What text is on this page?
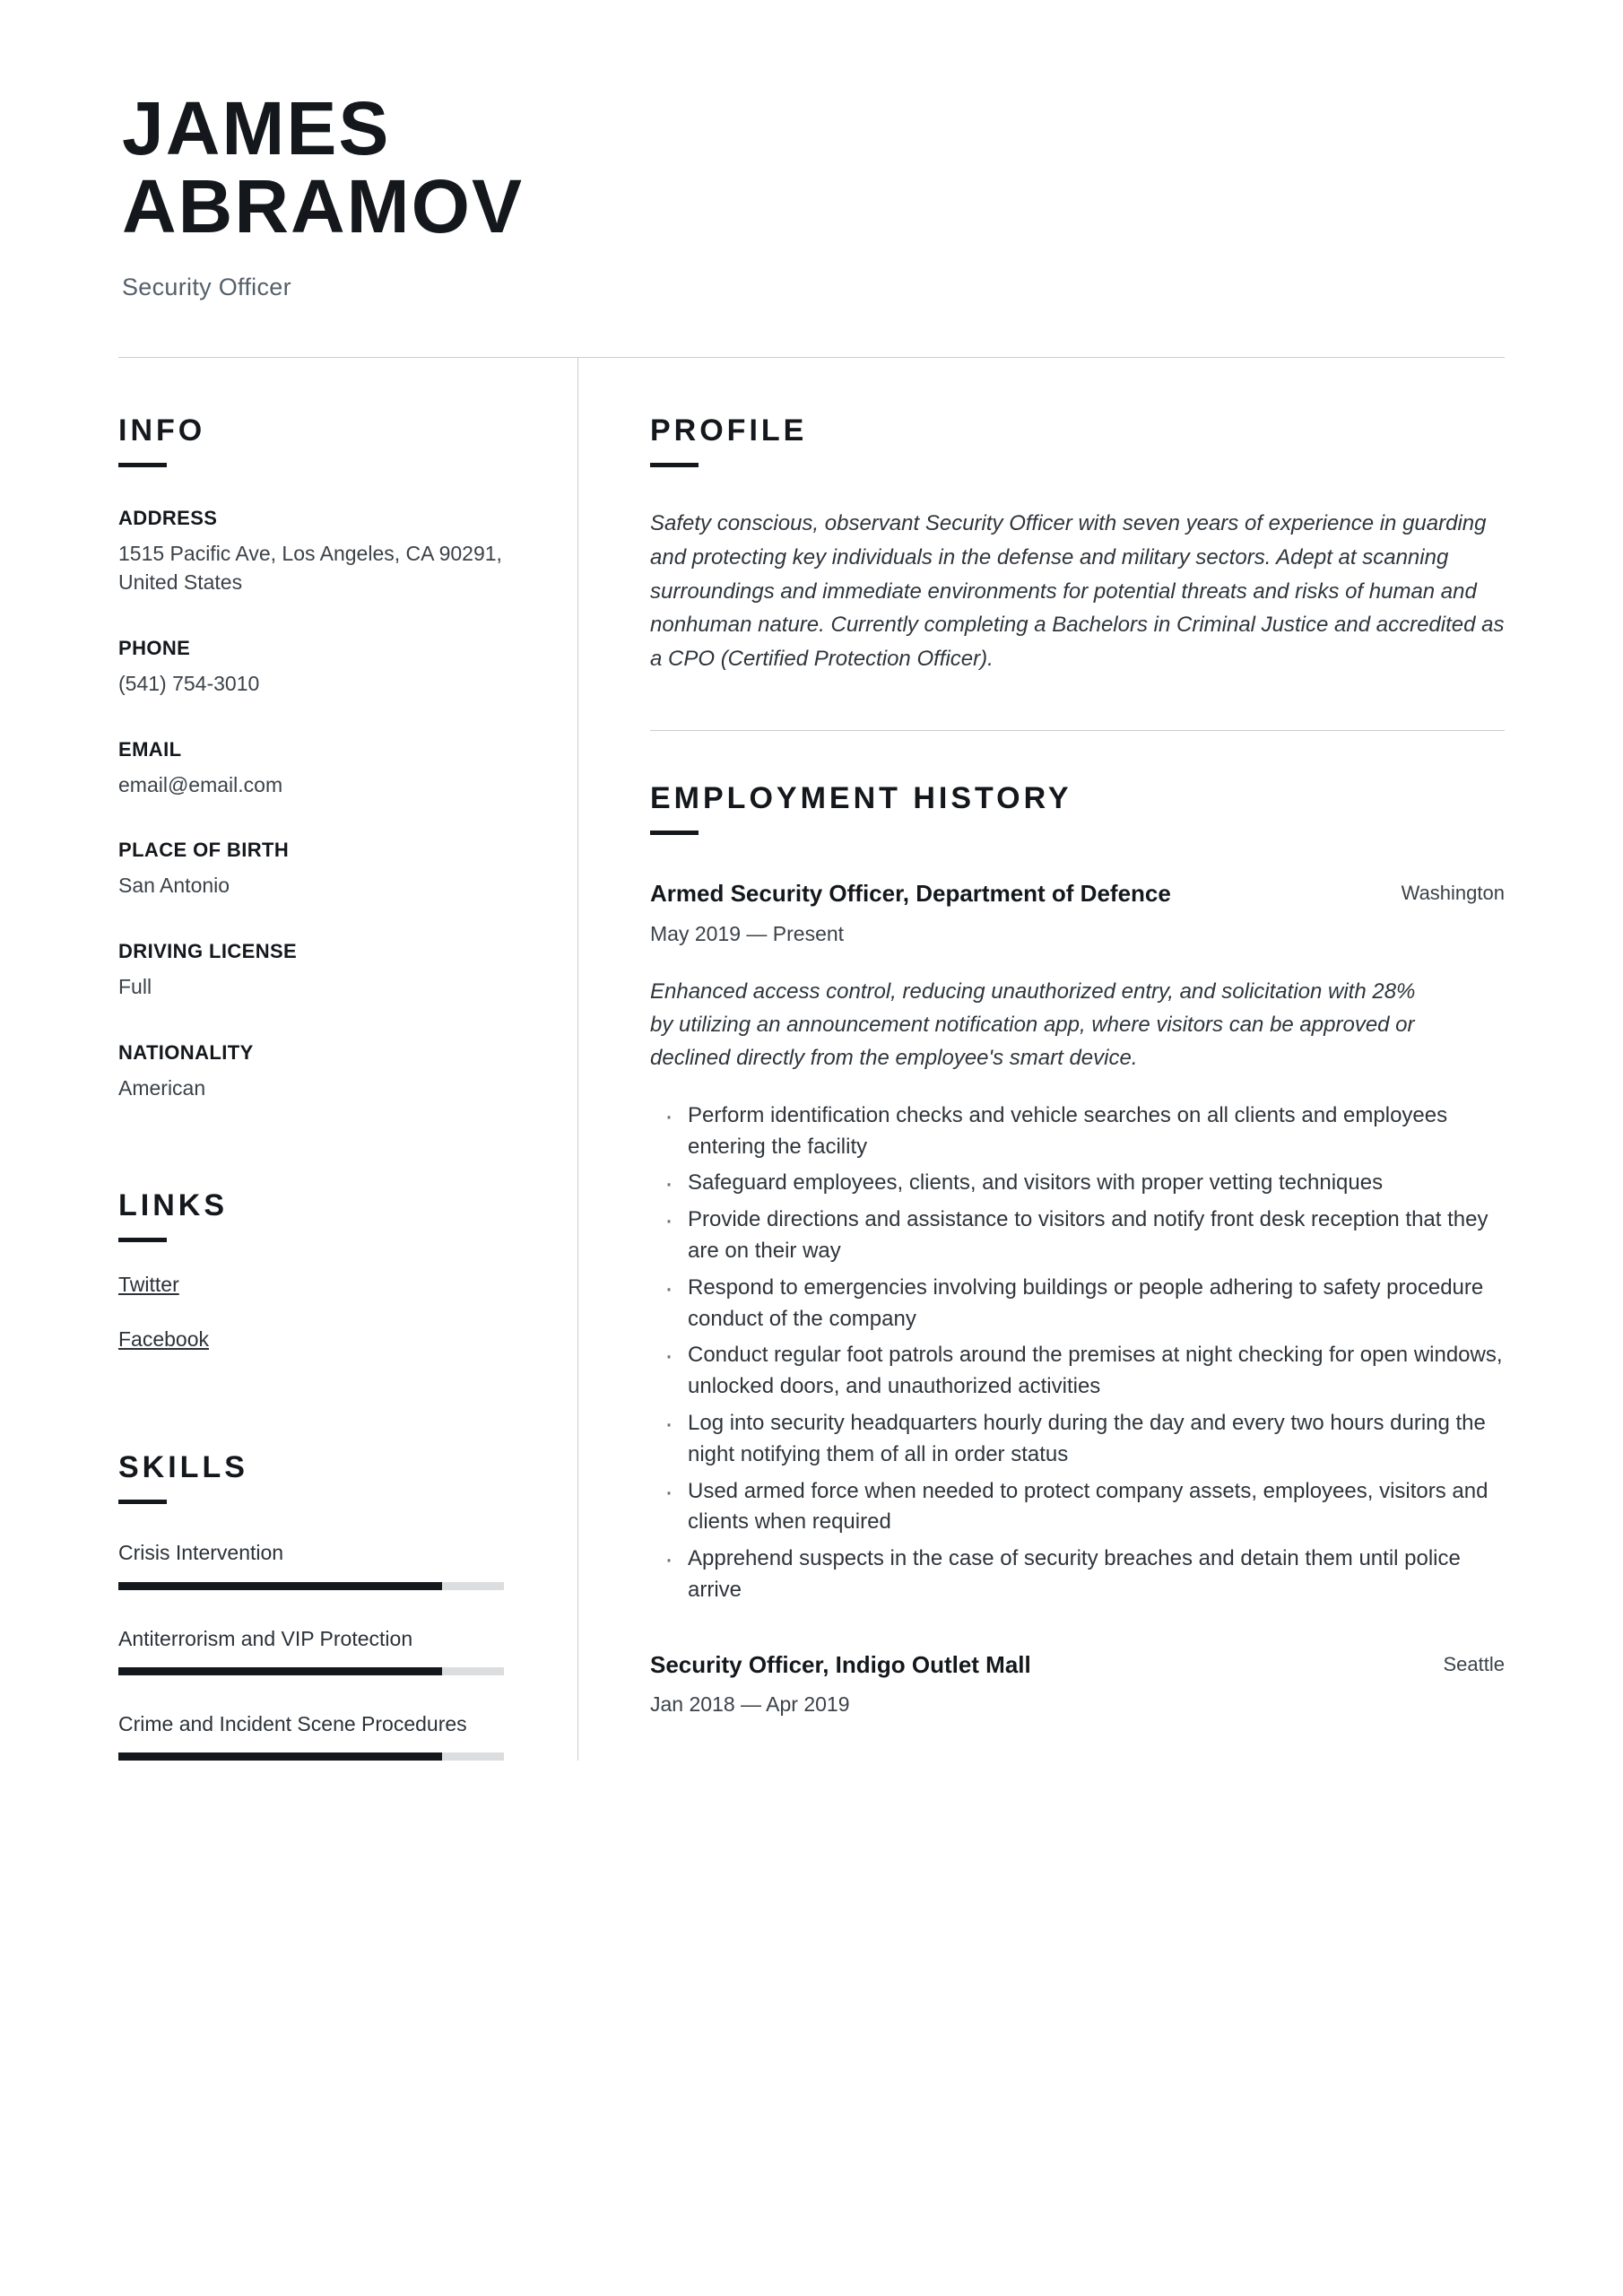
JAMES
ABRAMOV
Security Officer
INFO
ADDRESS
1515 Pacific Ave, Los Angeles, CA 90291, United States
PHONE
(541) 754-3010
EMAIL
email@email.com
PLACE OF BIRTH
San Antonio
DRIVING LICENSE
Full
NATIONALITY
American
LINKS
Twitter
Facebook
SKILLS
Crisis Intervention
Antiterrorism and VIP Protection
Crime and Incident Scene Procedures
PROFILE

Safety conscious, observant Security Officer with seven years of experience in guarding and protecting key individuals in the defense and military sectors. Adept at scanning surroundings and immediate environments for potential threats and risks of human and nonhuman nature. Currently completing a Bachelors in Criminal Justice and accredited as a CPO (Certified Protection Officer).

EMPLOYMENT HISTORY
Armed Security Officer, Department of Defence	Washington
May 2019 — Present

Enhanced access control, reducing unauthorized entry, and solicitation with 28% by utilizing an announcement notification app, where visitors can be approved or declined directly from the employee's smart device.

· Perform identification checks and vehicle searches on all clients and employees entering the facility
· Safeguard employees, clients, and visitors with proper vetting techniques
· Provide directions and assistance to visitors and notify front desk reception that they are on their way
· Respond to emergencies involving buildings or people adhering to safety procedure conduct of the company
· Conduct regular foot patrols around the premises at night checking for open windows, unlocked doors, and unauthorized activities
· Log into security headquarters hourly during the day and every two hours during the night notifying them of all in order status
· Used armed force when needed to protect company assets, employees, visitors and clients when required
· Apprehend suspects in the case of security breaches and detain them until police arrive
Security Officer, Indigo Outlet Mall	Seattle
Jan 2018 — Apr 2019
